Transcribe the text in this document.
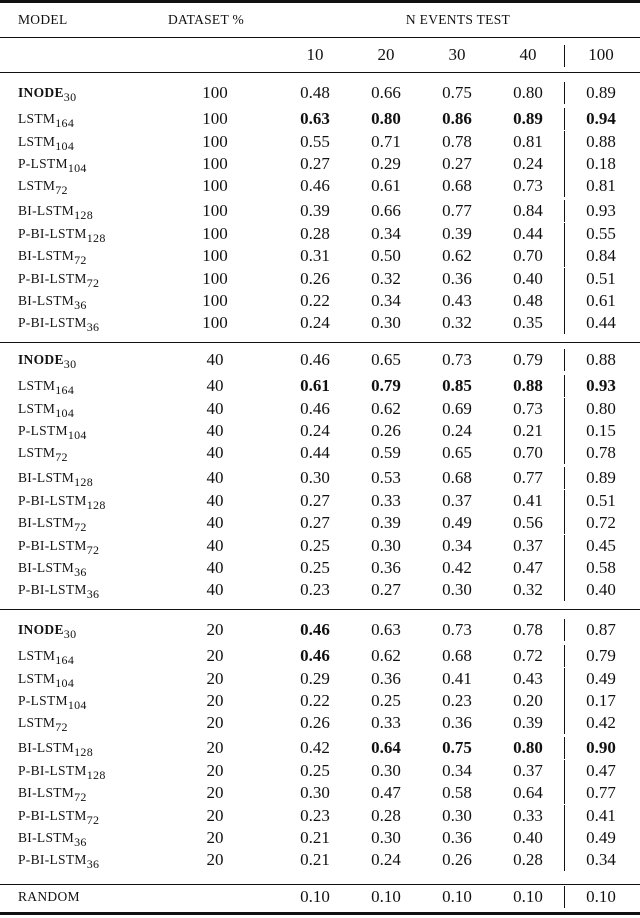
MODEL	DATASET %	N EVENTS TEST
10	20	30	40	100
$INODE_{30}$	100	0.48 0.66 0.75 0.80	0.89
$LSTM_{164}$	100	0.63 0.80 0.86 0.89	0.94
$LSTM_{104}$	100	0.55 0.71 0.78 0.81	0.88
$P-LSTM_{104}$	100	0.27 0.29 0.27 0.24	0.18
$LSTM_{72}$	100	0.46 0.61 0.68 0.73	0.81
$BI-LSTM_{128}$	100	0.39 0.66 0.77 0.84	0.93
$P-BI-LSTM_{128}$	100	0.28 0.34 0.39 0.44	0.55
$BI-LSTM_{72}$	100	0.31 0.50 0.62 0.70	0.84
$P-BI-LSTM_{72}$	100	0.26 0.32 0.36 0.40	0.51
$BI-LSTM_{36}$	100	0.22 0.34 0.43 0.48	0.61
$P-BI-LSTM_{36}$	100	0.24 0.30 0.32 0.35	0.44
$INODE_{30}$	40	0.46 0.65 0.73 0.79	0.88
$LSTM_{164}$	40	0.61 0.79 0.85 0.88	0.93
$LSTM_{104}$	40	0.46 0.62 0.69 0.73	0.80
$P-LSTM_{104}$	40	0.24 0.26 0.24 0.21	0.15
$LSTM_{72}$	40	0.44 0.59 0.65 0.70	0.78
$BI-LSTM_{128}$	40	0.30 0.53 0.68 0.77	0.89
$P-BI-LSTM_{128}$	40	0.27 0.33 0.37 0.41	0.51
$BI-LSTM_{72}$	40	0.27 0.39 0.49 0.56	0.72
$P-BI-LSTM_{72}$	40	0.25 0.30 0.34 0.37	0.45
$BI-LSTM_{36}$	40	0.25 0.36 0.42 0.47	0.58
$P-BI-LSTM_{36}$	40	0.23 0.27 0.30 0.32	0.40
$INODE_{30}$	20	0.46 0.63 0.73 0.78	0.87
$LSTM_{164}$	20	0.46 0.62 0.68 0.72	0.79
$LSTM_{104}$	20	0.29 0.36 0.41 0.43	0.49
$P-LSTM_{104}$	20	0.22 0.25 0.23 0.20	0.17
$LSTM_{72}$	20	0.26 0.33 0.36 0.39	0.42
$BI-LSTM_{128}$	20	0.42 0.64 0.75 0.80	0.90
$P-BI-LSTM_{128}$	20	0.25 0.30 0.34 0.37	0.47
$BI-LSTM_{72}$	20	0.30 0.47 0.58 0.64	0.77
$P-BI-LSTM_{72}$	20	0.23 0.28 0.30 0.33	0.41
$BI-LSTM_{36}$	20	0.21 0.30 0.36 0.40	0.49
$P-BI-LSTM_{36}$	20	0.21 0.24 0.26 0.28	0.34
RANDOM	0.10 0.10 0.10 0.10	0.10
